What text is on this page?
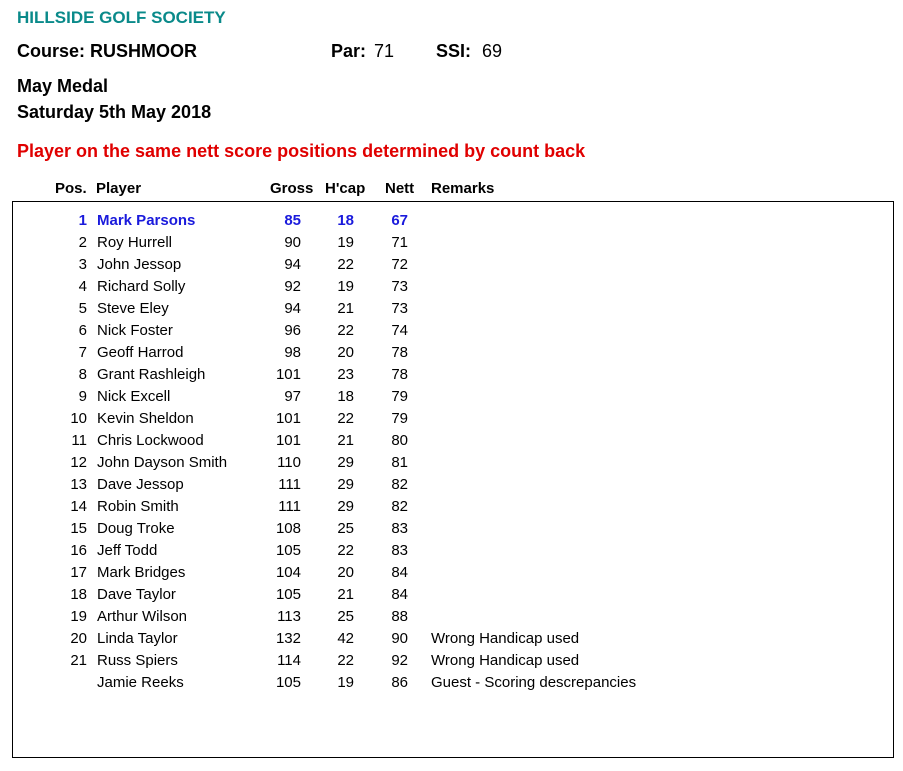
HILLSIDE GOLF SOCIETY
Course: RUSHMOOR	Par: 71 SSI: 69
May Medal
Saturday 5th May 2018
Player on the same nett score positions determined by count back
Pos. Player	Gross H'cap Nett Remarks
1 Mark Parsons	85 18 67
2 Roy Hurrell	90 19 71
3 John Jessop	94 22 72
4 Richard Solly	92 19 73
5 Steve Eley	94 21 73
6 Nick Foster	96 22 74
7 Geoff Harrod	98 20 78
8 Grant Rashleigh	101 23 78
9 Nick Excell	97 18 79
10 Kevin Sheldon	101 22 79
11 Chris Lockwood	101 21 80
12 John Dayson Smith	110 29 81
13 Dave Jessop	111 29 82
14 Robin Smith	111 29 82
15 Doug Troke	108 25 83
16 Jeff Todd	105 22 83
17 Mark Bridges	104 20 84
18 Dave Taylor	105 21 84
19 Arthur Wilson	113 25 88
20 Linda Taylor	132 42 90 Wrong Handicap used
21 Russ Spiers	114 22 92 Wrong Handicap used
Jamie Reeks	105 19 86 Guest - Scoring descrepancies
